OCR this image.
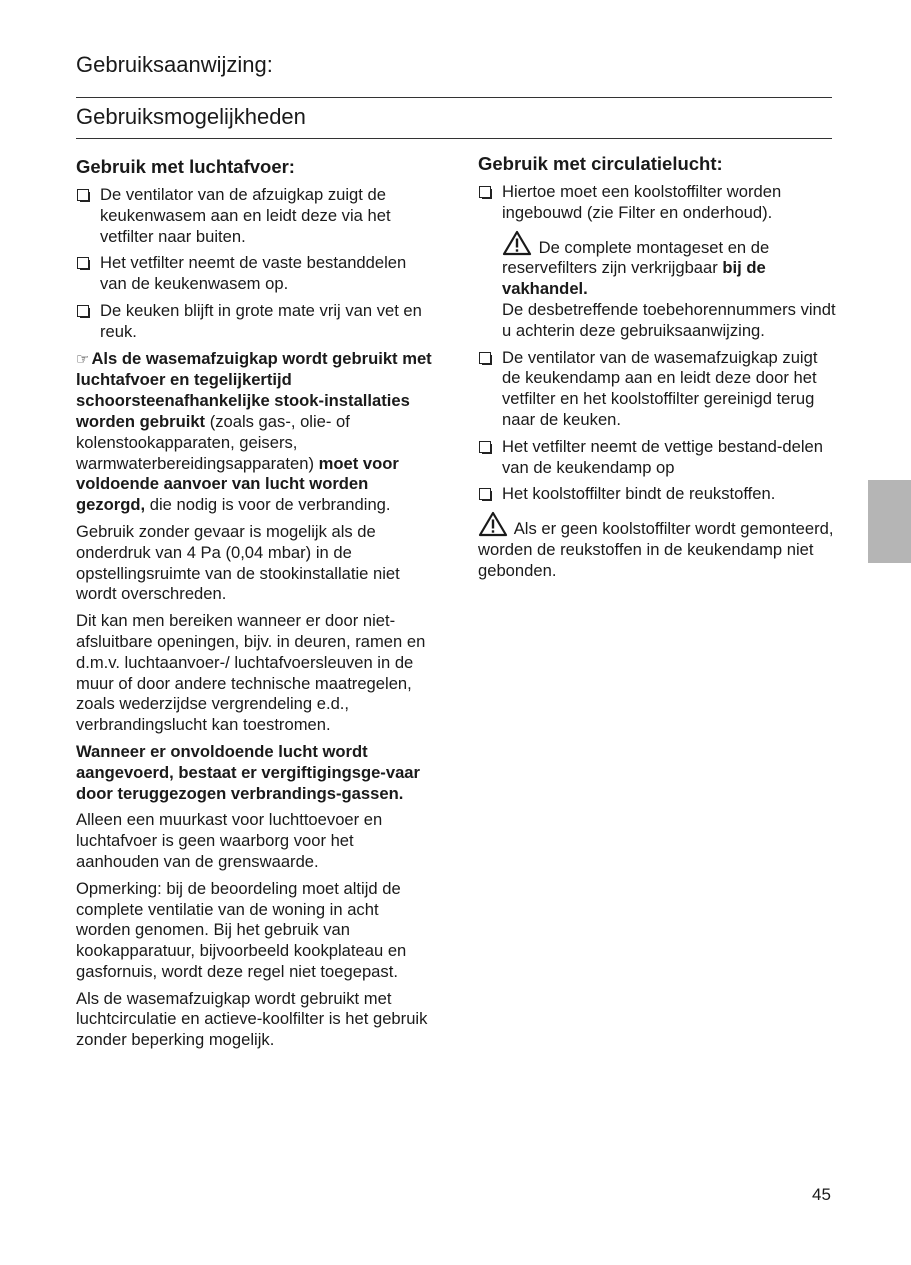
Gebruiksaanwijzing:
Gebruiksmogelijkheden
Gebruik met luchtafvoer:
De ventilator van de afzuigkap zuigt de keukenwasem aan en leidt deze via het vetfilter naar buiten.
Het vetfilter neemt de vaste bestanddelen van de keukenwasem op.
De keuken blijft in grote mate vrij van vet en reuk.

☞ Als de wasemafzuigkap wordt gebruikt met luchtafvoer en tegelijkertijd schoorsteenafhankelijke stook-installaties worden gebruikt (zoals gas-, olie- of kolenstookapparaten, geisers, warmwaterbereidingsapparaten) moet voor voldoende aanvoer van lucht worden gezorgd, die nodig is voor de verbranding.

Gebruik zonder gevaar is mogelijk als de onderdruk van 4 Pa (0,04 mbar) in de opstellingsruimte van de stookinstallatie niet wordt overschreden.

Dit kan men bereiken wanneer er door niet-afsluitbare openingen, bijv. in deuren, ramen en d.m.v. luchtaanvoer-/ luchtafvoersleuven in de muur of door andere technische maatregelen, zoals wederzijdse vergrendeling e.d., verbrandingslucht kan toestromen.

Wanneer er onvoldoende lucht wordt aangevoerd, bestaat er vergiftigingsge-vaar door teruggezogen verbrandings-gassen.

Alleen een muurkast voor luchttoevoer en luchtafvoer is geen waarborg voor het aanhouden van de grenswaarde.

Opmerking: bij de beoordeling moet altijd de complete ventilatie van de woning in acht worden genomen. Bij het gebruik van kookapparatuur, bijvoorbeeld kookplateau en gasfornuis, wordt deze regel niet toegepast.

Als de wasemafzuigkap wordt gebruikt met luchtcirculatie en actieve-koolfilter is het gebruik zonder beperking mogelijk.

Gebruik met circulatielucht:
Hiertoe moet een koolstoffilter worden ingebouwd (zie Filter en onderhoud).

De complete montageset en de reservefilters zijn verkrijgbaar bij de vakhandel.
De desbetreffende toebehorennummers vindt u achterin deze gebruiksaanwijzing.

De ventilator van de wasemafzuigkap zuigt de keukendamp aan en leidt deze door het vetfilter en het koolstoffilter gereinigd terug naar de keuken.
Het vetfilter neemt de vettige bestand-delen van de keukendamp op
Het koolstoffilter bindt de reukstoffen.

Als er geen koolstoffilter wordt gemonteerd, worden de reukstoffen in de keukendamp niet gebonden.

45
